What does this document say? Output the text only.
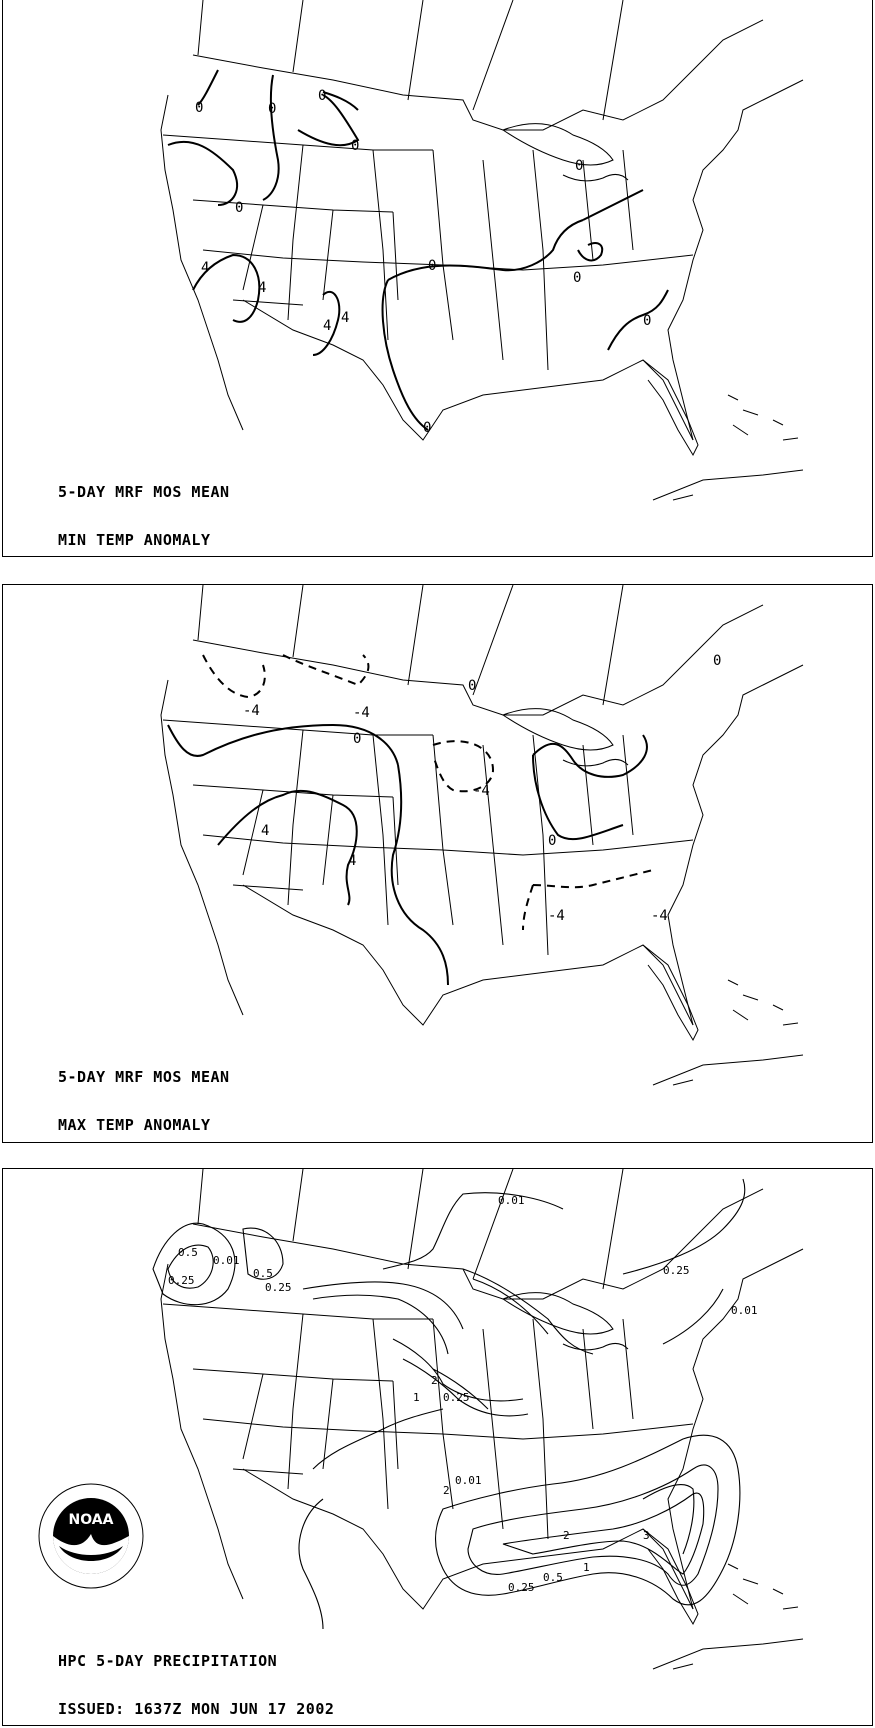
0	0
0
0
0
0
0
0
0
0
4
4
4 4

5-DAY MRF MOS MEAN

MIN TEMP ANOMALY

-4	-4
0
0
0
0
-4
4
4
-4	-4

5-DAY MRF MOS MEAN

MAX TEMP ANOMALY

0.01
0.25
0.01
0.5
0.25
0.5
0.25
2
1
0.25
0.01
0.25
0.5
1
2	3
2
0.01
NOAA

HPC 5-DAY PRECIPITATION

ISSUED: 1637Z MON JUN 17 2002
